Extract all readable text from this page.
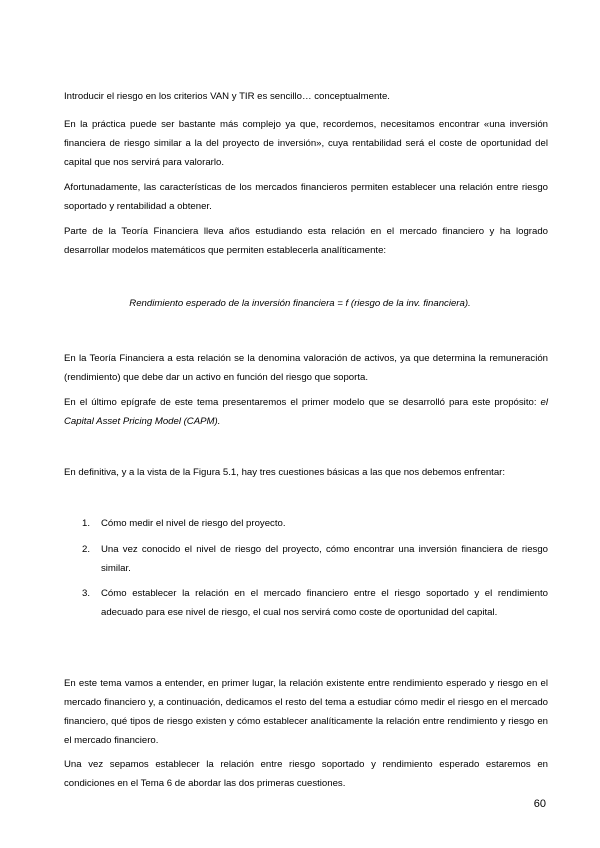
Introducir el riesgo en los criterios VAN y TIR es sencillo… conceptualmente.

En la práctica puede ser bastante más complejo ya que, recordemos, necesitamos encontrar «una inversión financiera de riesgo similar a la del proyecto de inversión», cuya rentabilidad será el coste de oportunidad del capital que nos servirá para valorarlo.

Afortunadamente, las características de los mercados financieros permiten establecer una relación entre riesgo soportado y rentabilidad a obtener.

Parte de la Teoría Financiera lleva años estudiando esta relación en el mercado financiero y ha logrado desarrollar modelos matemáticos que permiten establecerla analíticamente:

Rendimiento esperado de la inversión financiera = f (riesgo de la inv. financiera).

En la Teoría Financiera a esta relación se la denomina valoración de activos, ya que determina la remuneración (rendimiento) que debe dar un activo en función del riesgo que soporta.

En el último epígrafe de este tema presentaremos el primer modelo que se desarrolló para este propósito: el Capital Asset Pricing Model (CAPM).

En definitiva, y a la vista de la Figura 5.1, hay tres cuestiones básicas a las que nos debemos enfrentar:

1. Cómo medir el nivel de riesgo del proyecto.
2. Una vez conocido el nivel de riesgo del proyecto, cómo encontrar una inversión financiera de riesgo similar.
3. Cómo establecer la relación en el mercado financiero entre el riesgo soportado y el rendimiento adecuado para ese nivel de riesgo, el cual nos servirá como coste de oportunidad del capital.

En este tema vamos a entender, en primer lugar, la relación existente entre rendimiento esperado y riesgo en el mercado financiero y, a continuación, dedicamos el resto del tema a estudiar cómo medir el riesgo en el mercado financiero, qué tipos de riesgo existen y cómo establecer analíticamente la relación entre rendimiento y riesgo en el mercado financiero.

Una vez sepamos establecer la relación entre riesgo soportado y rendimiento esperado estaremos en condiciones en el Tema 6 de abordar las dos primeras cuestiones.

60
